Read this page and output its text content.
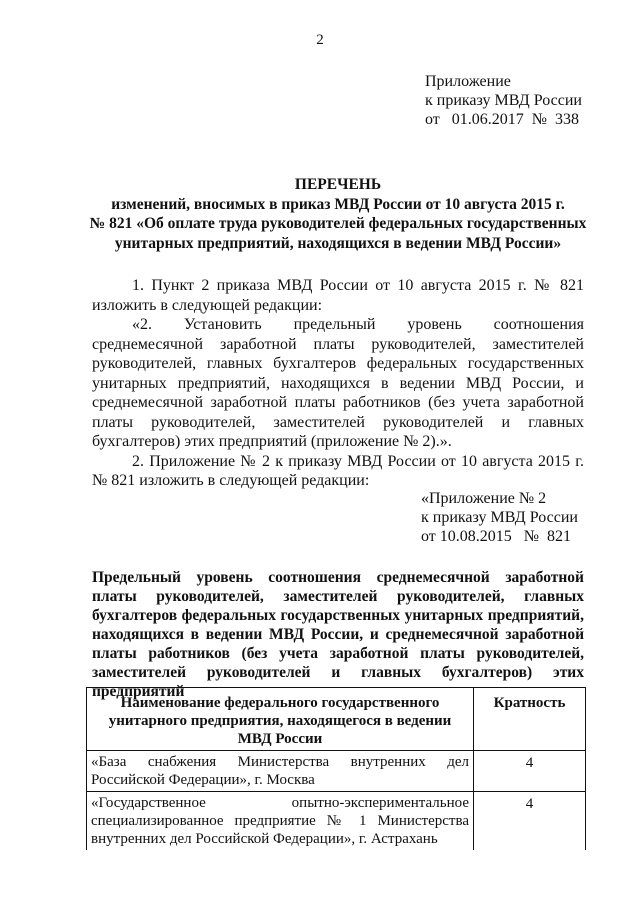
2
Приложение
к приказу МВД России
от   01.06.2017  №  338
ПЕРЕЧЕНЬ
изменений, вносимых в приказ МВД России от 10 августа 2015 г.
№ 821 «Об оплате труда руководителей федеральных государственных
унитарных предприятий, находящихся в ведении МВД России»
1. Пункт 2 приказа МВД России от 10 августа 2015 г. № 821 изложить в следующей редакции:
«2. Установить предельный уровень соотношения среднемесячной заработной платы руководителей, заместителей руководителей, главных бухгалтеров федеральных государственных унитарных предприятий, находящихся в ведении МВД России, и среднемесячной заработной платы работников (без учета заработной платы руководителей, заместителей руководителей и главных бухгалтеров) этих предприятий (приложение № 2).».
2. Приложение № 2 к приказу МВД России от 10 августа 2015 г. № 821 изложить в следующей редакции:
«Приложение № 2
к приказу МВД России
от 10.08.2015   №  821
Предельный уровень соотношения среднемесячной заработной платы руководителей, заместителей руководителей, главных бухгалтеров федеральных государственных унитарных предприятий, находящихся в ведении МВД России, и среднемесячной заработной платы работников (без учета заработной платы руководителей, заместителей руководителей и главных бухгалтеров) этих предприятий
Наименование федерального государственного унитарного предприятия, находящегося в ведении МВД России	Кратность
«База снабжения Министерства внутренних дел Российской Федерации», г. Москва	4
«Государственное опытно-экспериментальное специализированное предприятие № 1 Министерства внутренних дел Российской Федерации», г. Астрахань	4
